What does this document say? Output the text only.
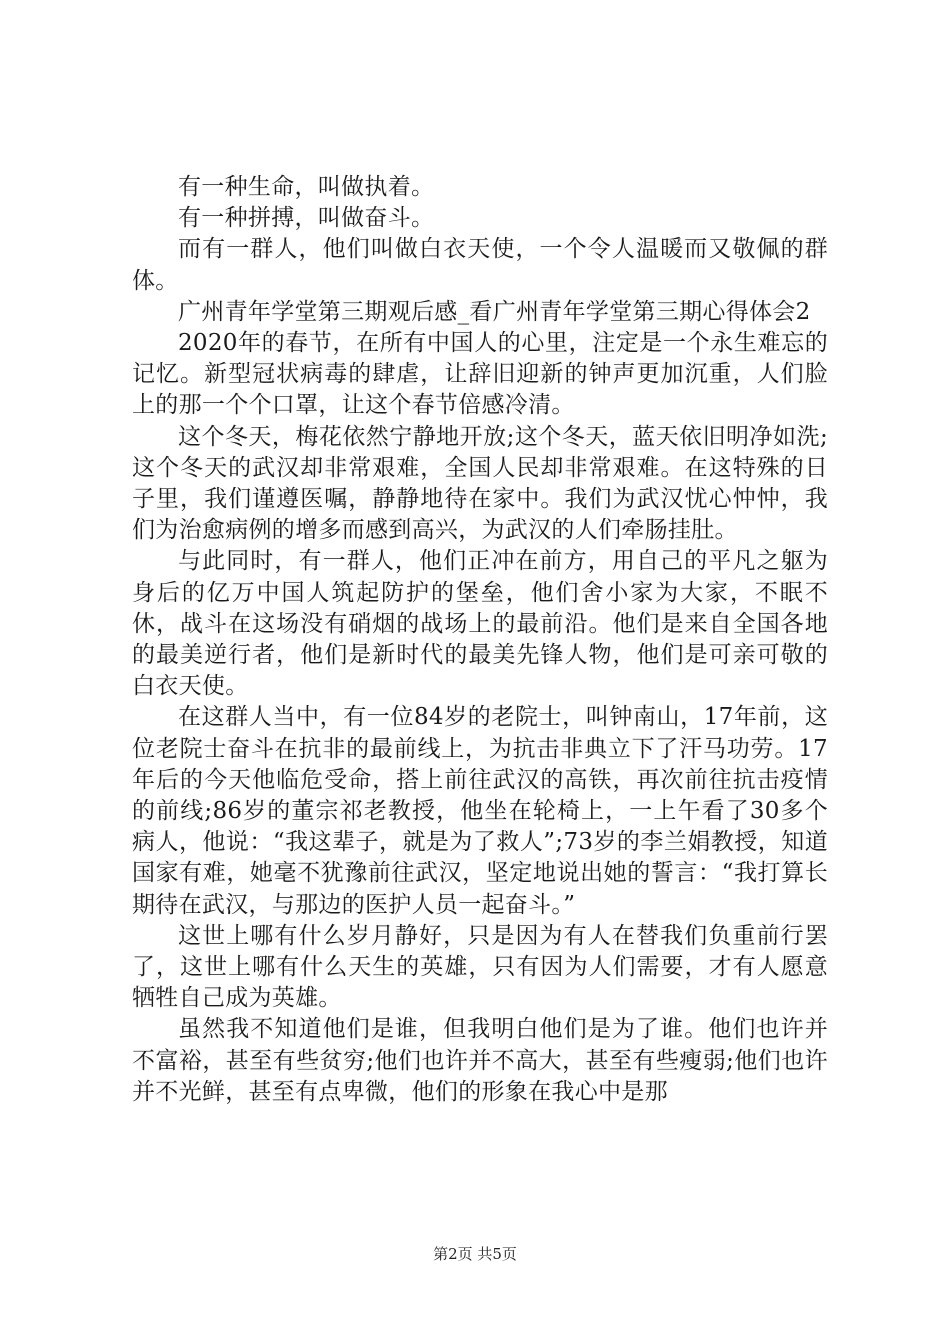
有一种生命，叫做执着。

有一种拼搏，叫做奋斗。

而有一群人，他们叫做白衣天使，一个令人温暖而又敬佩的群体。

广州青年学堂第三期观后感_看广州青年学堂第三期心得体会2

2020年的春节，在所有中国人的心里，注定是一个永生难忘的记忆。新型冠状病毒的肆虐，让辞旧迎新的钟声更加沉重，人们脸上的那一个个口罩，让这个春节倍感冷清。

这个冬天，梅花依然宁静地开放;这个冬天，蓝天依旧明净如洗;这个冬天的武汉却非常艰难，全国人民却非常艰难。在这特殊的日子里，我们谨遵医嘱，静静地待在家中。我们为武汉忧心忡忡，我们为治愈病例的增多而感到高兴，为武汉的人们牵肠挂肚。

与此同时，有一群人，他们正冲在前方，用自己的平凡之躯为身后的亿万中国人筑起防护的堡垒，他们舍小家为大家，不眠不休，战斗在这场没有硝烟的战场上的最前沿。他们是来自全国各地的最美逆行者，他们是新时代的最美先锋人物，他们是可亲可敬的白衣天使。

在这群人当中，有一位84岁的老院士，叫钟南山，17年前，这位老院士奋斗在抗非的最前线上，为抗击非典立下了汗马功劳。17年后的今天他临危受命，搭上前往武汉的高铁，再次前往抗击疫情的前线;86岁的董宗祁老教授，他坐在轮椅上，一上午看了30多个病人，他说：“我这辈子，就是为了救人”;73岁的李兰娟教授，知道国家有难，她毫不犹豫前往武汉，坚定地说出她的誓言：“我打算长期待在武汉，与那边的医护人员一起奋斗。”

这世上哪有什么岁月静好，只是因为有人在替我们负重前行罢了，这世上哪有什么天生的英雄，只有因为人们需要，才有人愿意牺牲自己成为英雄。

虽然我不知道他们是谁，但我明白他们是为了谁。他们也许并不富裕，甚至有些贫穷;他们也许并不高大，甚至有些瘦弱;他们也许并不光鲜，甚至有点卑微，他们的形象在我心中是那

第2页 共5页
